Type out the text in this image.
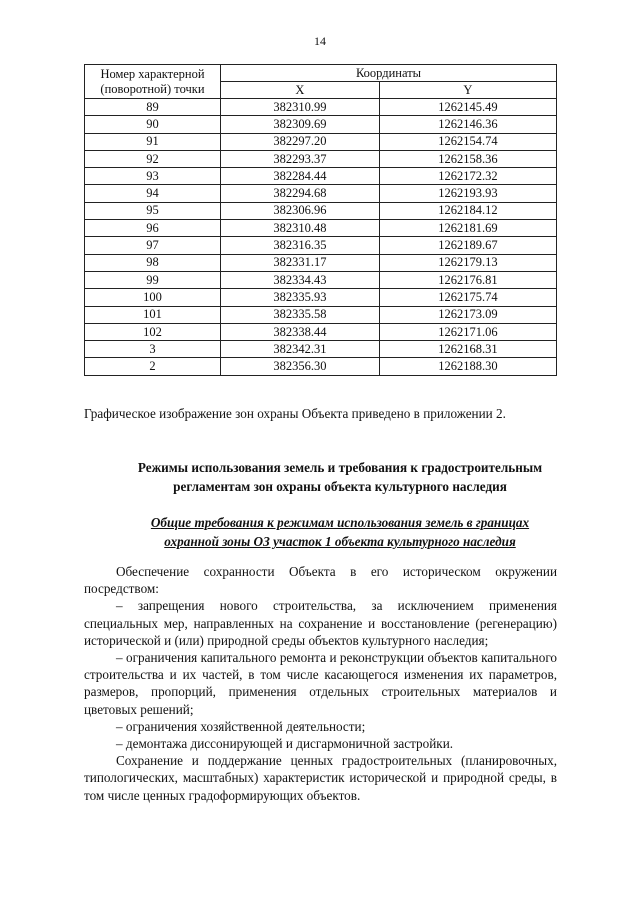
14
Номер характерной (поворотной) точки	Координаты	
	X	Y
89	382310.99	1262145.49
90	382309.69	1262146.36
91	382297.20	1262154.74
92	382293.37	1262158.36
93	382284.44	1262172.32
94	382294.68	1262193.93
95	382306.96	1262184.12
96	382310.48	1262181.69
97	382316.35	1262189.67
98	382331.17	1262179.13
99	382334.43	1262176.81
100	382335.93	1262175.74
101	382335.58	1262173.09
102	382338.44	1262171.06
3	382342.31	1262168.31
2	382356.30	1262188.30
Графическое изображение зон охраны Объекта приведено в приложении 2.
Режимы использования земель и требования к градостроительным
регламентам зон охраны объекта культурного наследия
Общие требования к режимам использования земель в границах
охранной зоны ОЗ участок 1 объекта культурного наследия

Обеспечение сохранности Объекта в его историческом окружении посредством:

– запрещения нового строительства, за исключением применения специальных мер, направленных на сохранение и восстановление (регенерацию) исторической и (или) природной среды объектов культурного наследия;

– ограничения капитального ремонта и реконструкции объектов капитального строительства и их частей, в том числе касающегося изменения их параметров, размеров, пропорций, применения отдельных строительных материалов и цветовых решений;

– ограничения хозяйственной деятельности;

– демонтажа диссонирующей и дисгармоничной застройки.

Сохранение и поддержание ценных градостроительных (планировочных, типологических, масштабных) характеристик исторической и природной среды, в том числе ценных градоформирующих объектов.
